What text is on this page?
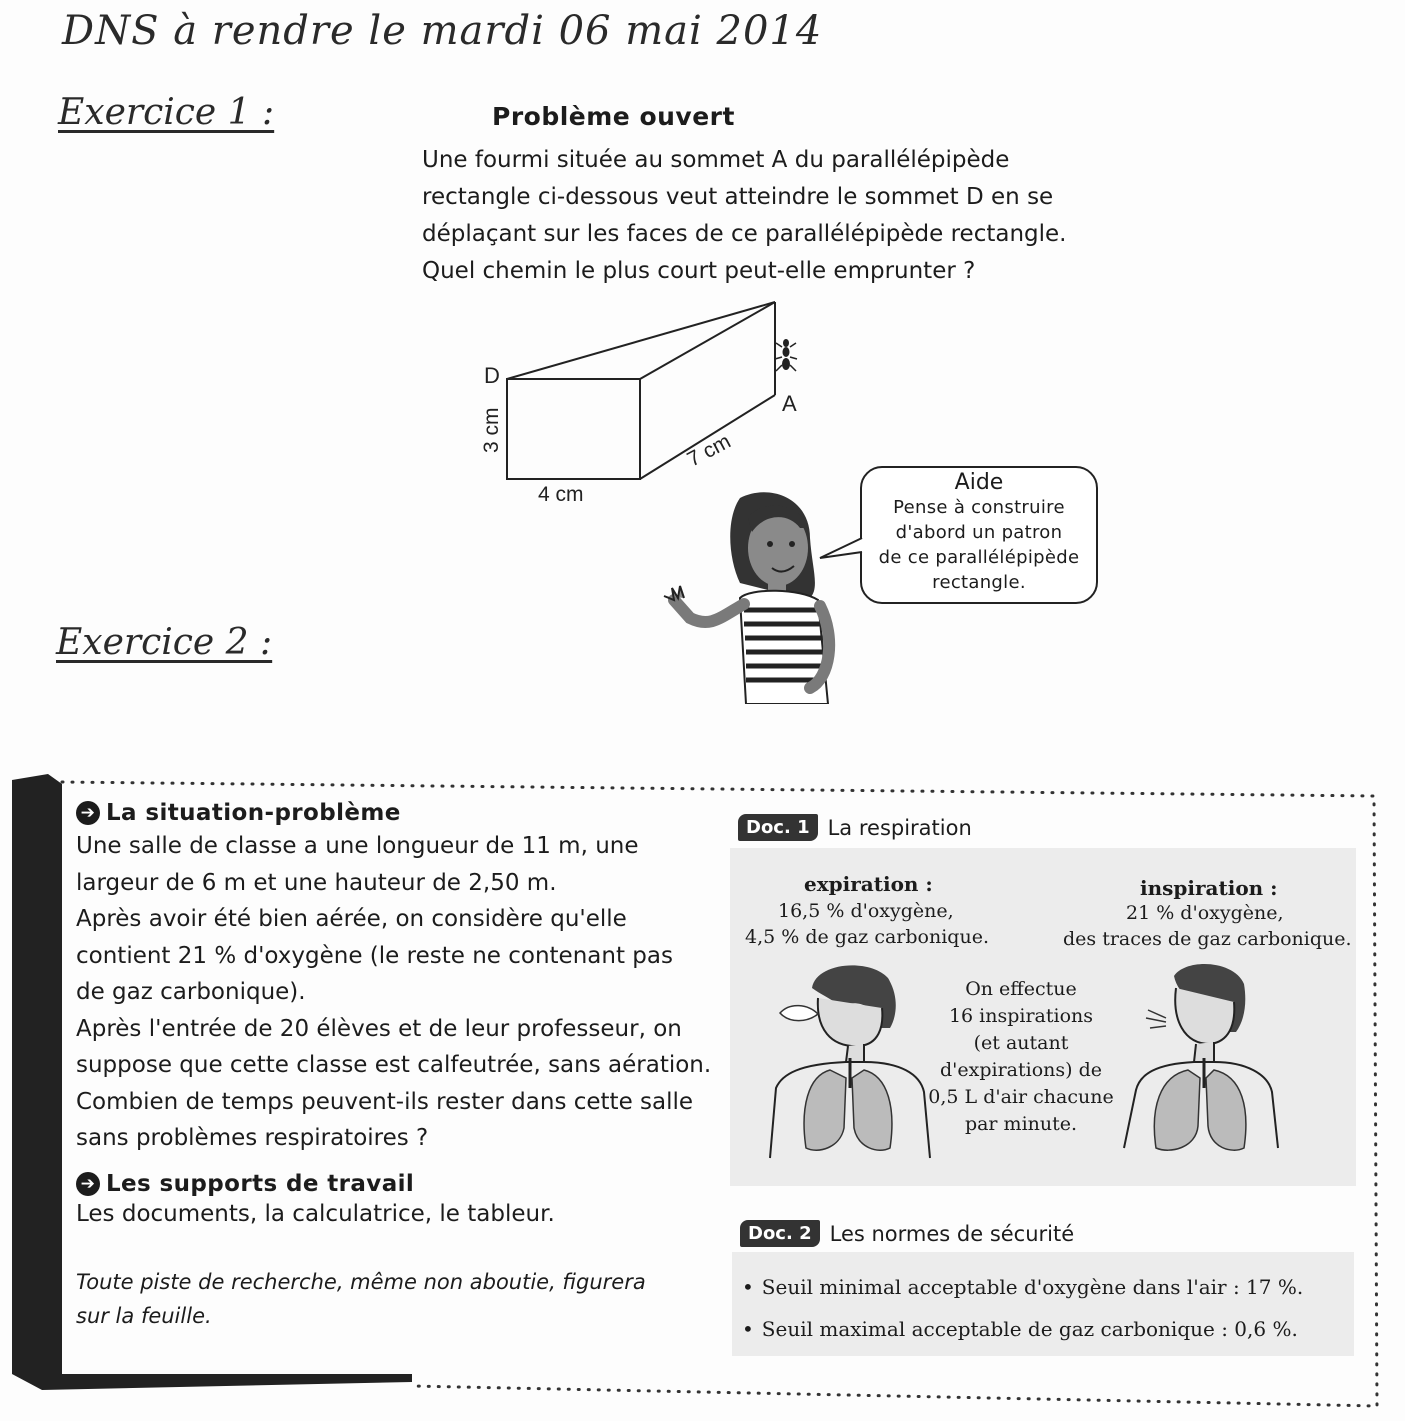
DNS à rendre le mardi 06 mai 2014
Exercice 1 :	Problème ouvert
Une fourmi située au sommet A du parallélépipède
rectangle ci-dessous veut atteindre le sommet D en se
déplaçant sur les faces de ce parallélépipède rectangle.
Quel chemin le plus court peut-elle emprunter ?
D
A
3 cm
4 cm
7 cm
Aide
Pense à construire
d'abord un patron
de ce parallélépipède
rectangle.
Exercice 2 :
➔ La situation-problème
Une salle de classe a une longueur de 11 m, une
largeur de 6 m et une hauteur de 2,50 m.
Après avoir été bien aérée, on considère qu'elle
contient 21 % d'oxygène (le reste ne contenant pas
de gaz carbonique).
Après l'entrée de 20 élèves et de leur professeur, on
suppose que cette classe est calfeutrée, sans aération.
Combien de temps peuvent-ils rester dans cette salle
sans problèmes respiratoires ?
➔ Les supports de travail
Les documents, la calculatrice, le tableur.
Toute piste de recherche, même non aboutie, figurera
sur la feuille.
Doc. 1 La respiration
expiration :
16,5 % d'oxygène,
4,5 % de gaz carbonique.
inspiration :
21 % d'oxygène,
des traces de gaz carbonique.
On effectue
16 inspirations
(et autant
d'expirations) de
0,5 L d'air chacune
par minute.
Doc. 2 Les normes de sécurité
• Seuil minimal acceptable d'oxygène dans l'air : 17 %.
• Seuil maximal acceptable de gaz carbonique : 0,6 %.
